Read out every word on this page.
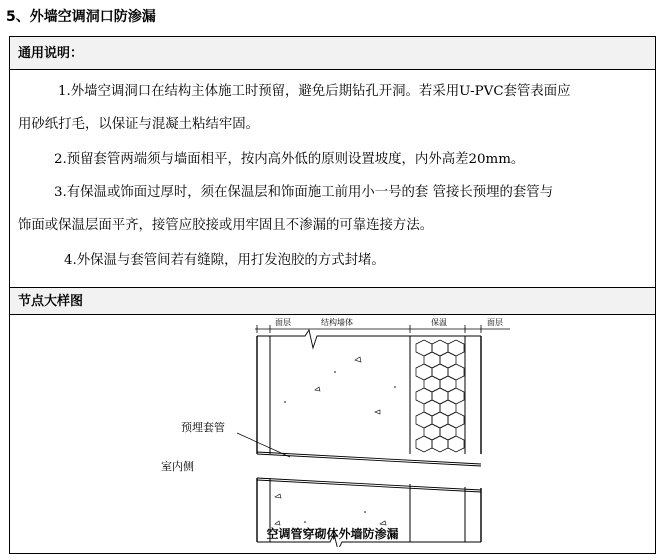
5、外墙空调洞口防渗漏
通用说明：
1.外墙空调洞口在结构主体施工时预留，避免后期钻孔开洞。若采用U-PVC套管表面应
用砂纸打毛，以保证与混凝土粘结牢固。
2.预留套管两端须与墙面相平，按内高外低的原则设置坡度，内外高差20mm。
3.有保温或饰面过厚时，须在保温层和饰面施工前用小一号的套 管接长预埋的套管与
饰面或保温层面平齐，接管应胶接或用牢固且不渗漏的可靠连接方法。
4.外保温与套管间若有缝隙，用打发泡胶的方式封堵。
节点大样图
面层	结构墙体	保温	面层
预埋套管
室内侧
空调管穿砌体外墙防渗漏
